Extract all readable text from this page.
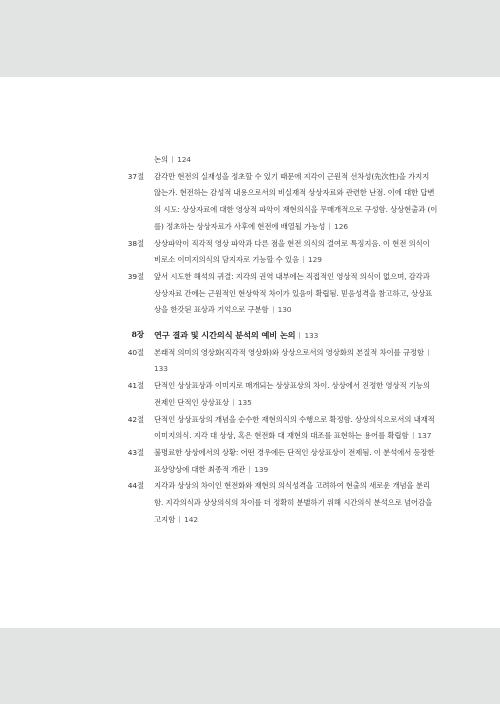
논의 124
37절 감각만 현전의 실재성을 정초할 수 있기 때문에 지각이 근원적 선차성(先次性)을 가지지 않는가. 현전하는 감성적 내용으로서의 비실재적 상상자료와 관련한 난점. 이에 대한 답변의 시도: 상상자료에 대한 영상적 파악이 재현의식을 무매개적으로 구성함. 상상현출과 (이를) 정초하는 상상자료가 사후에 현전에 배열될 가능성 126
38절 상상파악이 직각적 영상 파악과 다른 점을 현전 의식의 결여로 특징지음. 이 현전 의식이 비로소 이미지의식의 담지자로 기능할 수 있음 129
39절 앞서 시도한 해석의 귀결: 지각의 권역 내부에는 직접적인 영상적 의식이 없으며, 감각과 상상자료 간에는 근원적인 현상학적 차이가 있음이 확립됨. 믿음성격을 참고하고, 상상표상을 한갓된 표상과 기억으로 구분함 130
8장 연구 결과 및 시간의식 분석의 예비 논의 133
40절 본래적 의미의 영상화(직각적 영상화)와 상상으로서의 영상화의 본질적 차이를 규정함133
41절 단적인 상상표상과 이미지로 매개되는 상상표상의 차이. 상상에서 진정한 영상적 기능의 전제인 단적인 상상표상 135
42절 단적인 상상표상의 개념을 순수한 재현의식의 수행으로 확정함. 상상의식으로서의 내재적 이미지의식. 지각 대 상상, 혹은 현전화 대 재현의 대조를 표현하는 용어를 확립함 137
43절 불명료한 상상에서의 상황: 어떤 경우에든 단적인 상상표상이 전제됨. 이 분석에서 등장한 표상양상에 대한 최종적 개관 139
44절 지각과 상상의 차이인 현전화와 재현의 의식성격을 고려하여 현출의 새로운 개념을 분리함. 지각의식과 상상의식의 차이를 더 정확히 분별하기 위해 시간의식 분석으로 넘어감을 고지함 142
